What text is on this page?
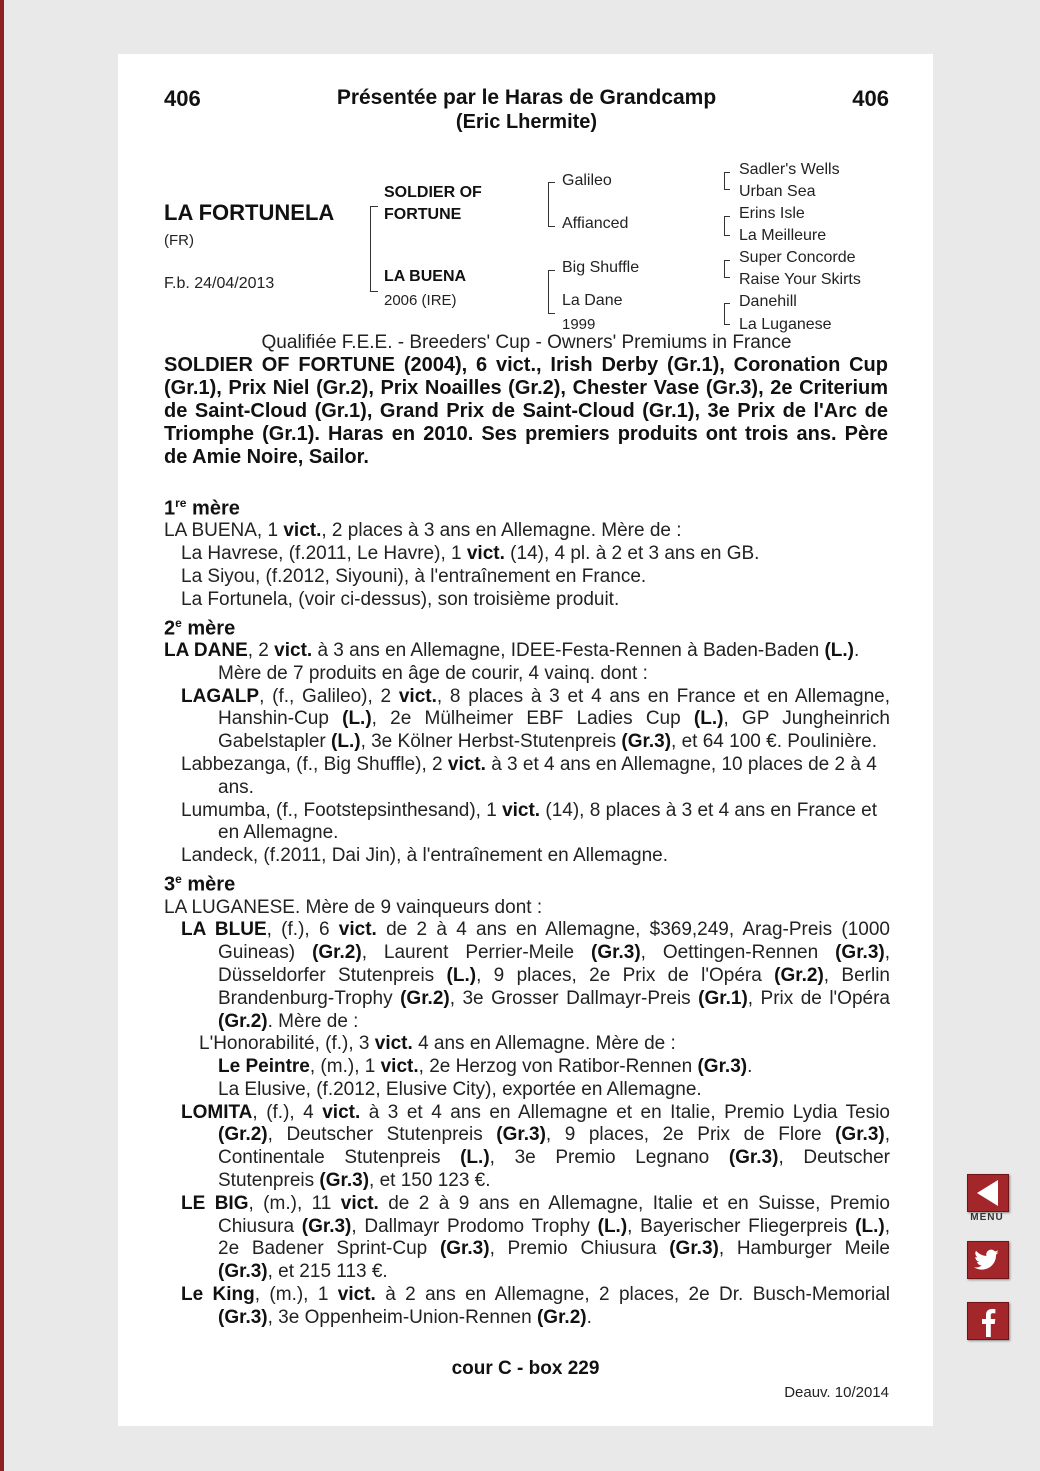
406	Présentée par le Haras de Grandcamp
(Eric Lhermite)
406
LA FORTUNELA
(FR)
F.b. 24/04/2013
SOLDIER OF
FORTUNE
LA BUENA
2006 (IRE)
Galileo
Affianced
Big Shuffle
La Dane
1999
Sadler's Wells
Urban Sea
Erins Isle
La Meilleure
Super Concorde
Raise Your Skirts
Danehill
La Luganese
Qualifiée F.E.E. - Breeders' Cup - Owners' Premiums in France
SOLDIER OF FORTUNE (2004), 6 vict., Irish Derby (Gr.1), Coronation Cup (Gr.1), Prix Niel (Gr.2), Prix Noailles (Gr.2), Chester Vase (Gr.3), 2e Criterium de Saint-Cloud (Gr.1), Grand Prix de Saint-Cloud (Gr.1), 3e Prix de l'Arc de Triomphe (Gr.1). Haras en 2010. Ses premiers produits ont trois ans. Père de Amie Noire, Sailor.
1re mère
LA BUENA, 1 vict., 2 places à 3 ans en Allemagne. Mère de :
La Havrese, (f.2011, Le Havre), 1 vict. (14), 4 pl. à 2 et 3 ans en GB.
La Siyou, (f.2012, Siyouni), à l'entraînement en France.
La Fortunela, (voir ci-dessus), son troisième produit.
2e mère
LA DANE, 2 vict. à 3 ans en Allemagne, IDEE-Festa-Rennen à Baden-Baden (L.). Mère de 7 produits en âge de courir, 4 vainq. dont :
LAGALP, (f., Galileo), 2 vict., 8 places à 3 et 4 ans en France et en Allemagne, Hanshin-Cup (L.), 2e Mülheimer EBF Ladies Cup (L.), GP Jungheinrich Gabelstapler (L.), 3e Kölner Herbst-Stutenpreis (Gr.3), et 64 100 €. Poulinière.
Labbezanga, (f., Big Shuffle), 2 vict. à 3 et 4 ans en Allemagne, 10 places de 2 à 4 ans.
Lumumba, (f., Footstepsinthesand), 1 vict. (14), 8 places à 3 et 4 ans en France et en Allemagne.
Landeck, (f.2011, Dai Jin), à l'entraînement en Allemagne.
3e mère
LA LUGANESE. Mère de 9 vainqueurs dont :
LA BLUE, (f.), 6 vict. de 2 à 4 ans en Allemagne, $369,249, Arag-Preis (1000 Guineas) (Gr.2), Laurent Perrier-Meile (Gr.3), Oettingen-Rennen (Gr.3), Düsseldorfer Stutenpreis (L.), 9 places, 2e Prix de l'Opéra (Gr.2), Berlin Brandenburg-Trophy (Gr.2), 3e Grosser Dallmayr-Preis (Gr.1), Prix de l'Opéra (Gr.2). Mère de :
L'Honorabilité, (f.), 3 vict. 4 ans en Allemagne. Mère de :
Le Peintre, (m.), 1 vict., 2e Herzog von Ratibor-Rennen (Gr.3).
La Elusive, (f.2012, Elusive City), exportée en Allemagne.
LOMITA, (f.), 4 vict. à 3 et 4 ans en Allemagne et en Italie, Premio Lydia Tesio (Gr.2), Deutscher Stutenpreis (Gr.3), 9 places, 2e Prix de Flore (Gr.3), Continentale Stutenpreis (L.), 3e Premio Legnano (Gr.3), Deutscher Stutenpreis (Gr.3), et 150 123 €.
LE BIG, (m.), 11 vict. de 2 à 9 ans en Allemagne, Italie et en Suisse, Premio Chiusura (Gr.3), Dallmayr Prodomo Trophy (L.), Bayerischer Fliegerpreis (L.), 2e Badener Sprint-Cup (Gr.3), Premio Chiusura (Gr.3), Hamburger Meile (Gr.3), et 215 113 €.
Le King, (m.), 1 vict. à 2 ans en Allemagne, 2 places, 2e Dr. Busch-Memorial (Gr.3), 3e Oppenheim-Union-Rennen (Gr.2).
cour C - box 229
Deauv. 10/2014
MENU
